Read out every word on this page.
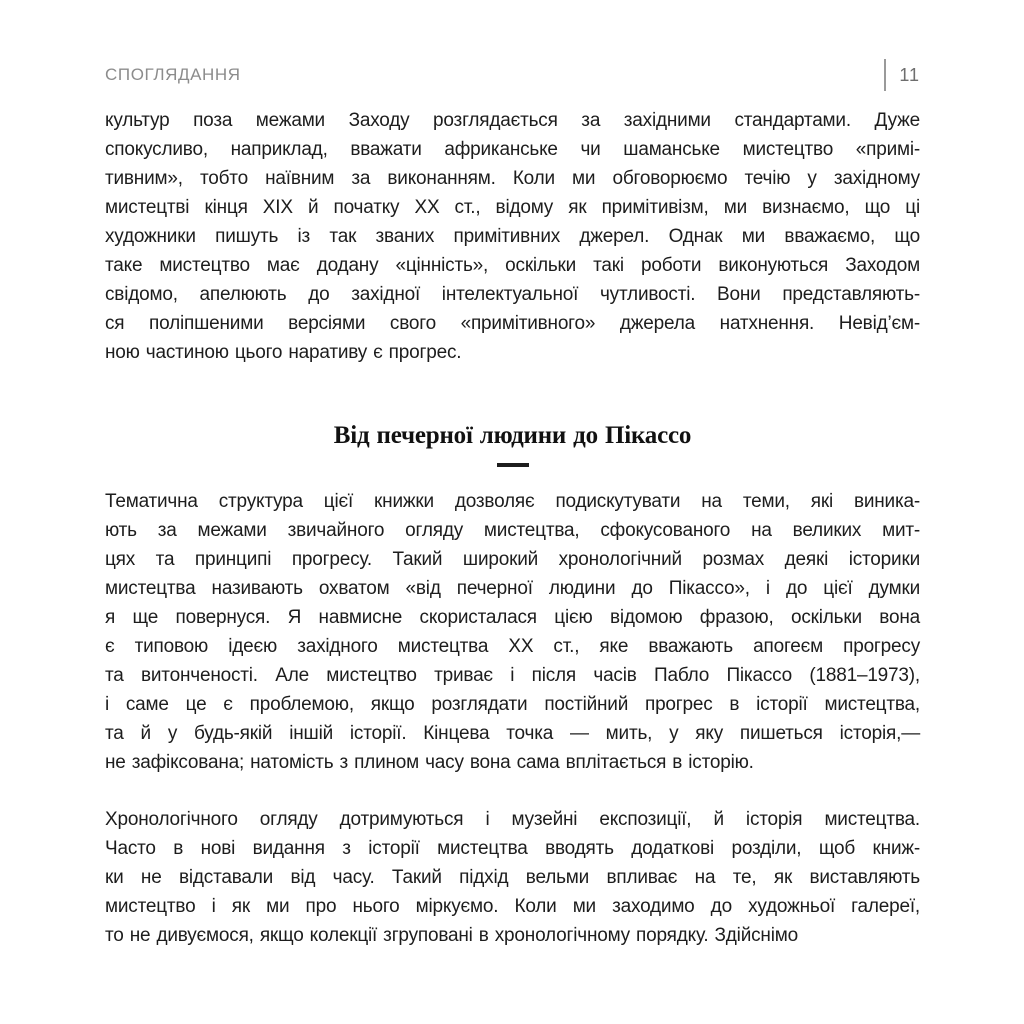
СПОГЛЯДАННЯ	11
культур поза межами Заходу розглядається за західними стандартами. Дуже
спокусливо, наприклад, вважати африканське чи шаманське мистецтво «примі-
тивним», тобто наївним за виконанням. Коли ми обговорюємо течію у західному
мистецтві кінця XIX й початку XX ст., відому як примітивізм, ми визнаємо, що ці
художники пишуть із так званих примітивних джерел. Однак ми вважаємо, що
таке мистецтво має додану «цінність», оскільки такі роботи виконуються Заходом
свідомо, апелюють до західної інтелектуальної чутливості. Вони представляють-
ся поліпшеними версіями свого «примітивного» джерела натхнення. Невід’єм-
ною частиною цього наративу є прогрес.
Від печерної людини до Пікассо
Тематична структура цієї книжки дозволяє подискутувати на теми, які виника-
ють за межами звичайного огляду мистецтва, сфокусованого на великих мит-
цях та принципі прогресу. Такий широкий хронологічний розмах деякі історики
мистецтва називають охватом «від печерної людини до Пікассо», і до цієї думки
я ще повернуся. Я навмисне скористалася цією відомою фразою, оскільки вона
є типовою ідеєю західного мистецтва XX ст., яке вважають апогеєм прогресу
та витонченості. Але мистецтво триває і після часів Пабло Пікассо (1881–1973),
і саме це є проблемою, якщо розглядати постійний прогрес в історії мистецтва,
та й у будь-якій іншій історії. Кінцева точка — мить, у яку пишеться історія,—
не зафіксована; натомість з плином часу вона сама вплітається в історію.
Хронологічного огляду дотримуються і музейні експозиції, й історія мистецтва.
Часто в нові видання з історії мистецтва вводять додаткові розділи, щоб книж-
ки не відставали від часу. Такий підхід вельми впливає на те, як виставляють
мистецтво і як ми про нього міркуємо. Коли ми заходимо до художньої галереї,
то не дивуємося, якщо колекції згруповані в хронологічному порядку. Здійснімо
